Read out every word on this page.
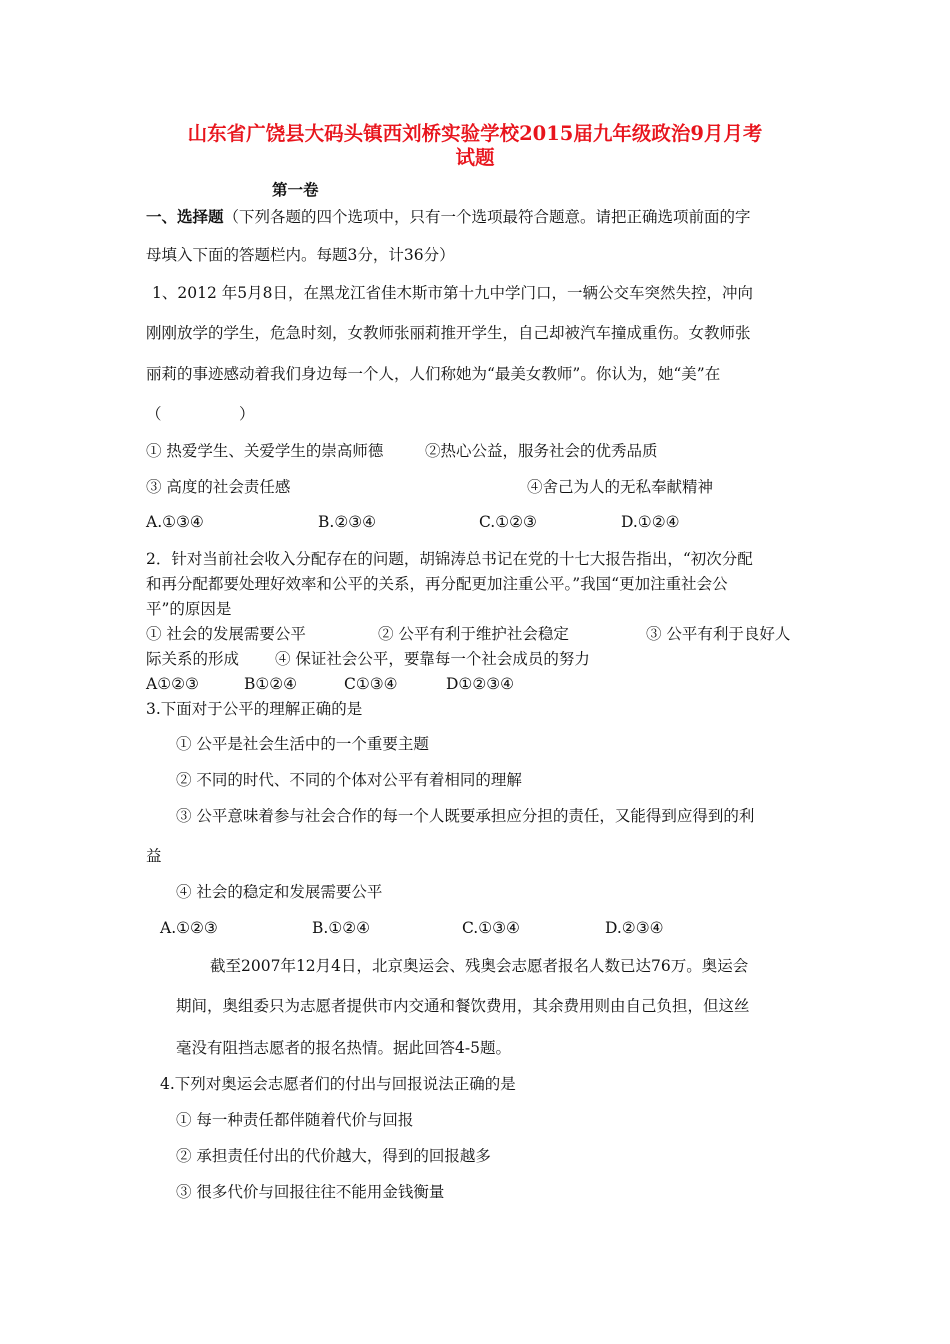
山东省广饶县大码头镇西刘桥实验学校2015届九年级政治9月月考
试题
第一卷
一、选择题（下列各题的四个选项中，只有一个选项最符合题意。请把正确选项前面的字
母填入下面的答题栏内。每题3分，计36分）
1、2012 年5月8日，在黑龙江省佳木斯市第十九中学门口，一辆公交车突然失控，冲向
刚刚放学的学生，危急时刻，女教师张丽莉推开学生，自己却被汽车撞成重伤。女教师张
丽莉的事迹感动着我们身边每一个人，人们称她为“最美女教师”。你认为，她“美”在
（　　　　　）
① 热爱学生、关爱学生的崇高师德	②热心公益，服务社会的优秀品质
③ 高度的社会责任感	④舍己为人的无私奉献精神
A.①③④	B.②③④	C.①②③	D.①②④
2．针对当前社会收入分配存在的问题，胡锦涛总书记在党的十七大报告指出，“初次分配
和再分配都要处理好效率和公平的关系，再分配更加注重公平。”我国“更加注重社会公
平”的原因是
① 社会的发展需要公平	② 公平有利于维护社会稳定	③ 公平有利于良好人
际关系的形成 ④ 保证社会公平，要靠每一个社会成员的努力
A①②③	B①②④	C①③④	D①②③④
3.下面对于公平的理解正确的是
① 公平是社会生活中的一个重要主题
② 不同的时代、不同的个体对公平有着相同的理解
③ 公平意味着参与社会合作的每一个人既要承担应分担的责任，又能得到应得到的利
益
④ 社会的稳定和发展需要公平
A.①②③	B.①②④	C.①③④	D.②③④
截至2007年12月4日，北京奥运会、残奥会志愿者报名人数已达76万。奥运会
期间，奥组委只为志愿者提供市内交通和餐饮费用，其余费用则由自己负担，但这丝
毫没有阻挡志愿者的报名热情。据此回答4-5题。
4.下列对奥运会志愿者们的付出与回报说法正确的是
① 每一种责任都伴随着代价与回报
② 承担责任付出的代价越大，得到的回报越多
③ 很多代价与回报往往不能用金钱衡量
